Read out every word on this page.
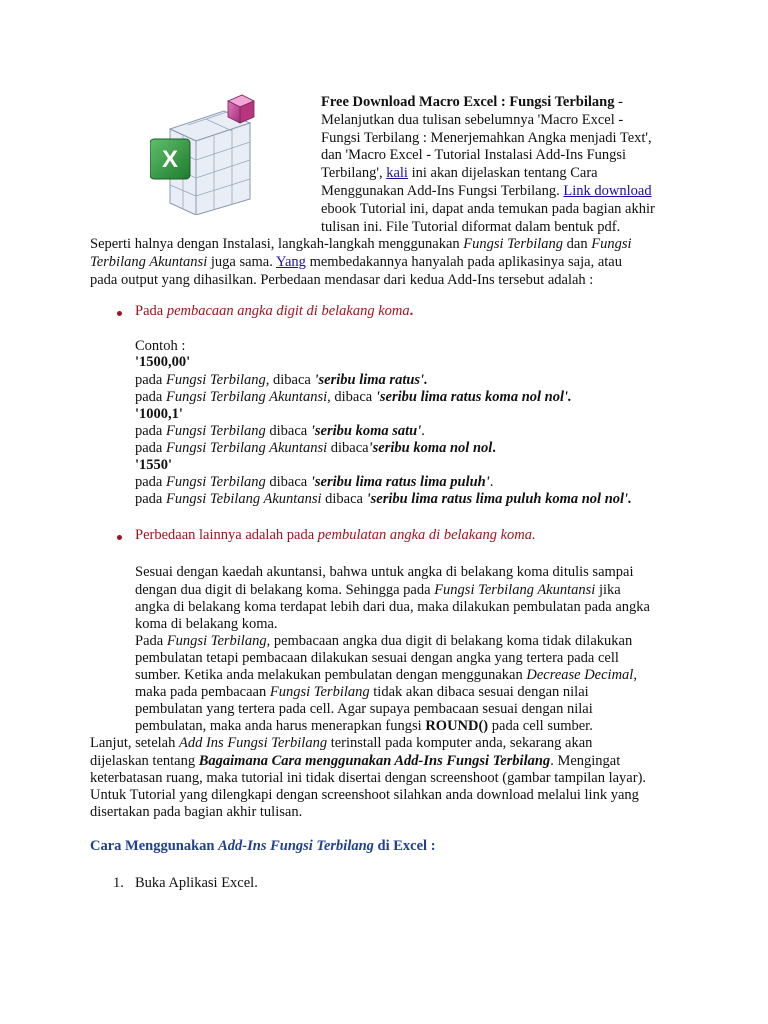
X
Free Download Macro Excel : Fungsi Terbilang -
Melanjutkan dua tulisan sebelumnya 'Macro Excel -
Fungsi Terbilang : Menerjemahkan Angka menjadi Text',
dan 'Macro Excel - Tutorial Instalasi Add-Ins Fungsi
Terbilang', kali ini akan dijelaskan tentang Cara
Menggunakan Add-Ins Fungsi Terbilang. Link download
ebook Tutorial ini, dapat anda temukan pada bagian akhir
tulisan ini. File Tutorial diformat dalam bentuk pdf.
Seperti halnya dengan Instalasi, langkah-langkah menggunakan Fungsi Terbilang dan Fungsi
Terbilang Akuntansi juga sama. Yang membedakannya hanyalah pada aplikasinya saja, atau
pada output yang dihasilkan. Perbedaan mendasar dari kedua Add-Ins tersebut adalah :
Pada pembacaan angka digit di belakang koma.
Contoh :
'1500,00'
pada Fungsi Terbilang, dibaca 'seribu lima ratus'.
pada Fungsi Terbilang Akuntansi, dibaca 'seribu lima ratus koma nol nol'.
'1000,1'
pada Fungsi Terbilang dibaca 'seribu koma satu'.
pada Fungsi Terbilang Akuntansi dibaca'seribu koma nol nol.
'1550'
pada Fungsi Terbilang dibaca 'seribu lima ratus lima puluh'.
pada Fungsi Tebilang Akuntansi dibaca 'seribu lima ratus lima puluh koma nol nol'.
Perbedaan lainnya adalah pada pembulatan angka di belakang koma.
Sesuai dengan kaedah akuntansi, bahwa untuk angka di belakang koma ditulis sampai
dengan dua digit di belakang koma. Sehingga pada Fungsi Terbilang Akuntansi jika
angka di belakang koma terdapat lebih dari dua, maka dilakukan pembulatan pada angka
koma di belakang koma.
Pada Fungsi Terbilang, pembacaan angka dua digit di belakang koma tidak dilakukan
pembulatan tetapi pembacaan dilakukan sesuai dengan angka yang tertera pada cell
sumber. Ketika anda melakukan pembulatan dengan menggunakan Decrease Decimal,
maka pada pembacaan Fungsi Terbilang tidak akan dibaca sesuai dengan nilai
pembulatan yang tertera pada cell. Agar supaya pembacaan sesuai dengan nilai
pembulatan, maka anda harus menerapkan fungsi ROUND() pada cell sumber.
Lanjut, setelah Add Ins Fungsi Terbilang terinstall pada komputer anda, sekarang akan
dijelaskan tentang Bagaimana Cara menggunakan Add-Ins Fungsi Terbilang. Mengingat
keterbatasan ruang, maka tutorial ini tidak disertai dengan screenshoot (gambar tampilan layar).
Untuk Tutorial yang dilengkapi dengan screenshoot silahkan anda download melalui link yang
disertakan pada bagian akhir tulisan.
Cara Menggunakan Add-Ins Fungsi Terbilang di Excel :
1. Buka Aplikasi Excel.
